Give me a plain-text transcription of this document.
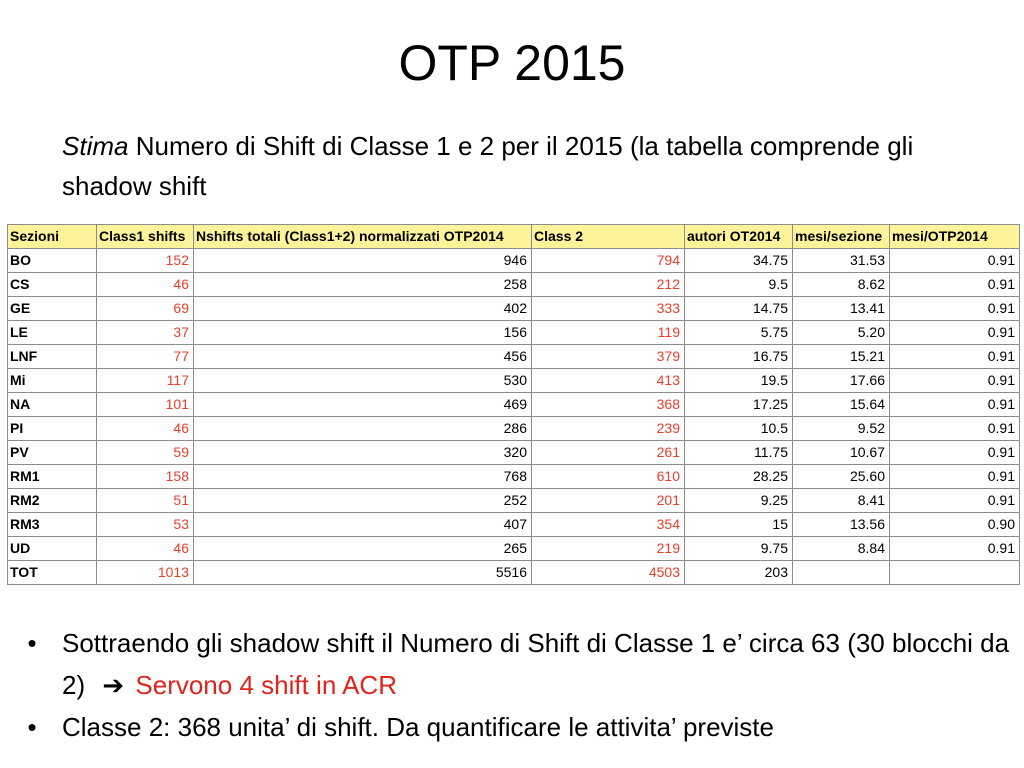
OTP 2015
Stima Numero di Shift di Classe 1 e 2 per il 2015 (la tabella comprende gli shadow shift
Sezioni	Class1 shifts	Nshifts totali (Class1+2) normalizzati OTP2014	Class 2	autori OT2014	mesi/sezione	mesi/OTP2014
BO	152	946	794	34.75	31.53	0.91
CS	46	258	212	9.5	8.62	0.91
GE	69	402	333	14.75	13.41	0.91
LE	37	156	119	5.75	5.20	0.91
LNF	77	456	379	16.75	15.21	0.91
Mi	117	530	413	19.5	17.66	0.91
NA	101	469	368	17.25	15.64	0.91
PI	46	286	239	10.5	9.52	0.91
PV	59	320	261	11.75	10.67	0.91
RM1	158	768	610	28.25	25.60	0.91
RM2	51	252	201	9.25	8.41	0.91
RM3	53	407	354	15	13.56	0.90
UD	46	265	219	9.75	8.84	0.91
TOT	1013	5516	4503	203		
• Sottraendo gli shadow shift il Numero di Shift di Classe 1 e’ circa 63 (30 blocchi da 2) ➔ Servono 4 shift in ACR
• Classe 2: 368 unita’ di shift. Da quantificare le attivita’ previste
